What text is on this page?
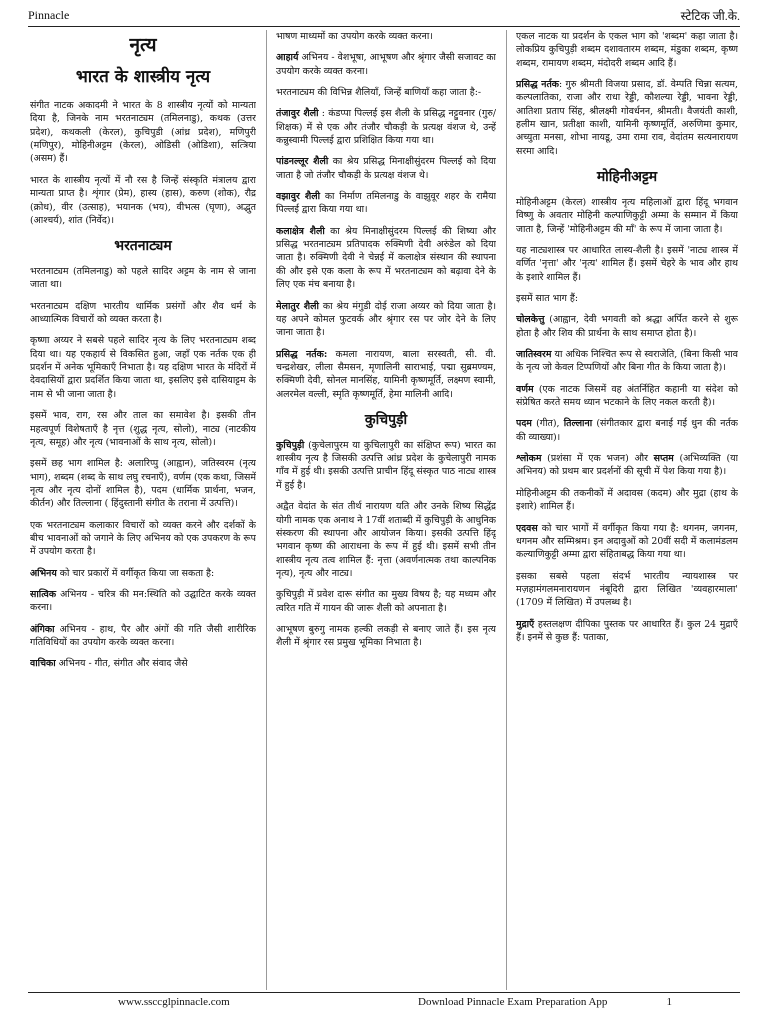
Pinnacle	स्टेटिक जी.के.
नृत्य
भारत के शास्त्रीय नृत्य

संगीत नाटक अकादमी ने भारत के 8 शास्त्रीय नृत्यों को मान्यता दिया है, जिनके नाम भरतनाट्यम (तमिलनाडु), कथक (उत्तर प्रदेश), कथकली (केरल), कुचिपुडी (आंध्र प्रदेश), मणिपुरी (मणिपुर), मोहिनीअट्टम (केरल), ओडिसी (ओडिशा), सत्त्रिया (असम) हैं।

भारत के शास्त्रीय नृत्यों में नौ रस है जिन्हें संस्कृति मंत्रालय द्वारा मान्यता प्राप्त है। शृंगार (प्रेम), हास्य (हास), करुण (शोक), रौद्र (क्रोध), वीर (उत्साह), भयानक (भय), वीभत्स (घृणा), अद्भुत (आश्चर्य), शांत (निर्वेद)।

भरतनाट्यम

भरतनाट्यम (तमिलनाडु) को पहले सादिर अट्टम के नाम से जाना जाता था।

भरतनाट्यम दक्षिण भारतीय धार्मिक प्रसंगों और शैव धर्म के आध्यात्मिक विचारों को व्यक्त करता है।

कृष्णा अय्यर ने सबसे पहले सादिर नृत्य के लिए भरतनाट्यम शब्द दिया था। यह एकहार्य से विकसित हुआ, जहाँ एक नर्तक एक ही प्रदर्शन में अनेक भूमिकाएँ निभाता है। यह दक्षिण भारत के मंदिरों में देवदासियों द्वारा प्रदर्शित किया जाता था, इसलिए इसे दासियाट्टम के नाम से भी जाना जाता है।

इसमें भाव, राग, रस और ताल का समावेश है। इसकी तीन महत्वपूर्ण विशेषताएँ है नृत्त (शुद्ध नृत्य, सोलो), नाट्य (नाटकीय नृत्य, समूह) और नृत्य (भावनाओं के साथ नृत्य, सोलो)।

इसमें छह भाग शामिल है: अलारिप्पु (आह्वान), जतिस्वरम (नृत्य भाग), शब्दम (शब्द के साथ लघु रचनाएँ), वर्णम (एक कथा, जिसमें नृत्य और नृत्य दोनों शामिल है), पदम (धार्मिक प्रार्थना, भजन, कीर्तन) और तिल्लाना ( हिंदुस्तानी संगीत के तराना में उत्पत्ति)।

एक भरतनाट्यम कलाकार विचारों को व्यक्त करने और दर्शकों के बीच भावनाओं को जगाने के लिए अभिनय को एक उपकरण के रूप में उपयोग करता है।

अभिनय को चार प्रकारों में वर्गीकृत किया जा सकता है:

सात्विक अभिनय - चरित्र की मन:स्थिति को उद्घाटित करके व्यक्त करना।

अंगिका अभिनय - हाथ, पैर और अंगों की गति जैसी शारीरिक गतिविधियों का उपयोग करके व्यक्त करना।

वाचिका अभिनय - गीत, संगीत और संवाद जैसे

भाषण माध्यमों का उपयोग करके व्यक्त करना।

आहार्य अभिनय - वेशभूषा, आभूषण और श्रृंगार जैसी सजावट का उपयोग करके व्यक्त करना।

भरतनाट्यम की विभिन्न शैलियाँ, जिन्हें बाणियाँ कहा जाता है:-

तंजावुर शैली : कंडप्पा पिल्लई इस शैली के प्रसिद्ध नट्टुवनार (गुरु/शिक्षक) में से एक और तंजौर चौकड़ी के प्रत्यक्ष वंशज थे, उन्हें कन्नुस्वामी पिल्लई द्वारा प्रशिक्षित किया गया था।

पांडनल्लूर शैली का श्रेय प्रसिद्ध मिनाक्षीसुंदरम पिल्लई को दिया जाता है जो तंजौर चौकड़ी के प्रत्यक्ष वंशज थे।

वझावुर शैली का निर्माण तमिलनाडु के वाझुवूर शहर के रामैया पिल्लई द्वारा किया गया था।

कलाक्षेत्र शैली का श्रेय मिनाक्षीसुंदरम पिल्लई की शिष्या और प्रसिद्ध भरतनाट्यम प्रतिपादक रुक्मिणी देवी अरुंडेल को दिया जाता है। रुक्मिणी देवी ने चेन्नई में कलाक्षेत्र संस्थान की स्थापना की और इसे एक कला के रूप में भरतनाट्यम को बढ़ावा देने के लिए एक मंच बनाया है।

मेलातुर शैली का श्रेय मंगुडी दोई राजा अय्यर को दिया जाता है। यह अपने कोमल फुटवर्क और श्रृंगार रस पर जोर देने के लिए जाना जाता है।

प्रसिद्ध नर्तक: कमला नारायण, बाला सरस्वती, सी. वी. चन्द्रशेखर, लीला सैमसन, मृणालिनी साराभाई, पद्मा सुब्रमण्यम, रुक्मिणी देवी, सोनल मानसिंह, यामिनी कृष्णमूर्ति, लक्ष्मण स्वामी, अलरमेल वल्ली, स्मृति कृष्णमूर्ति, हेमा मालिनी आदि।

कुचिपुड़ी

कुचिपुड़ी (कुचेलापुरम या कुचिलापुरी का संक्षिप्त रूप) भारत का शास्त्रीय नृत्य है जिसकी उत्पत्ति आंध्र प्रदेश के कुचेलापुरी नामक गाँव में हुई थी। इसकी उत्पत्ति प्राचीन हिंदू संस्कृत पाठ नाट्य शास्त्र में हुई है।

अद्वैत वेदांत के संत तीर्थ नारायण यति और उनके शिष्य सिद्धेंद्र योगी नामक एक अनाथ ने 17वीं शताब्दी में कुचिपुड़ी के आधुनिक संस्करण की स्थापना और आयोजन किया। इसकी उत्पत्ति हिंदू भगवान कृष्ण की आराधना के रूप में हुई थी। इसमें सभी तीन शास्त्रीय नृत्य तत्व शामिल हैं: नृत्ता (अवर्णनात्मक तथा काल्पनिक नृत्य), नृत्य और नाट्य।

कुचिपुड़ी में प्रवेश दारू संगीत का मुख्य विषय है; यह मध्यम और त्वरित गति में गायन की जारू शैली को अपनाता है।

आभूषण बुरुगु नामक हल्की लकड़ी से बनाए जाते हैं। इस नृत्य शैली में श्रृंगार रस प्रमुख भूमिका निभाता है।

एकल नाटक या प्रदर्शन के एकल भाग को 'शब्दम' कहा जाता है। लोकप्रिय कुचिपुड़ी शब्दम दशावतारम शब्दम, मंडुका शब्दम, कृष्ण शब्दम, रामायण शब्दम, मंदोदरी शब्दम आदि हैं।

प्रसिद्ध नर्तक: गुरु श्रीमती विजया प्रसाद, डॉ. वेम्पति चिन्ना सत्यम, कल्पलातिका, राजा और राधा रेड्डी, कौशल्या रेड्डी, भावना रेड्डी, आतिशा प्रताप सिंह, श्रीलक्ष्मी गोवर्धनन, श्रीमती। वैजयंती काशी, हलीम खान, प्रतीक्षा काशी, यामिनी कृष्णमूर्ति, अरुणिमा कुमार, अच्युता मनसा, शोभा नायडू, उमा रामा राव, वेदांतम सत्यनारायण सरमा आदि।

मोहिनीअट्टम

मोहिनीअट्टम (केरल) शास्त्रीय नृत्य महिलाओं द्वारा हिंदू भगवान विष्णु के अवतार मोहिनी कल्पाणिकुट्टी अम्मा के सम्मान में किया जाता है, जिन्हें 'मोहिनीअट्टम की माँ' के रूप में जाना जाता है।

यह नाट्यशास्त्र पर आधारित लास्य-शैली है। इसमें 'नाट्य शास्त्र में वर्णित 'नृत्ता' और 'नृत्य' शामिल हैं। इसमें चेहरे के भाव और हाथ के इशारे शामिल हैं।

इसमें सात भाग हैं:

चोलकेत्तु (आह्वान, देवी भगवती को श्रद्धा अर्पित करने से शुरू होता है और शिव की प्रार्थना के साथ समाप्त होता है)।

जातिस्वरम या अधिक निश्चित रूप से स्वराजेति, (बिना किसी भाव के नृत्य जो केवल टिप्पणियों और बिना गीत के किया जाता है)।

वर्णम (एक नाटक जिसमें वह अंतर्निहित कहानी या संदेश को संप्रेषित करते समय ध्यान भटकाने के लिए नकल करती है)।

पदम (गीत), तिल्लाना (संगीतकार द्वारा बनाई गई धुन की नर्तक की व्याख्या)।

श्लोकम (प्रशंसा में एक भजन) और सप्तम (अभिव्यक्ति (या अभिनय) को प्रथम बार प्रदर्शनों की सूची में पेश किया गया है)।

मोहिनीअट्टम की तकनीकों में अदावस (कदम) और मुद्रा (हाथ के इशारे) शामिल हैं।

एदवस को चार भागों में वर्गीकृत किया गया है: थगनम, जगनम, धगनम और सम्मिश्रम। इन अदावुओं को 20वीं सदी में कलामंडलम कल्याणिकुट्टी अम्मा द्वारा संहिताबद्ध किया गया था।

इसका सबसे पहला संदर्भ भारतीय न्यायशास्त्र पर मज़हामंगलमनारायणन नंबूदिरी द्वारा लिखित 'व्यवहारमाला' (1709 में लिखित) में उपलब्ध है।

मुद्राएँ हस्तलक्षण दीपिका पुस्तक पर आधारित हैं। कुल 24 मुद्राएँ हैं। इनमें से कुछ हैं: पताका,

www.ssccglpinnacle.com	Download Pinnacle Exam Preparation App	1
